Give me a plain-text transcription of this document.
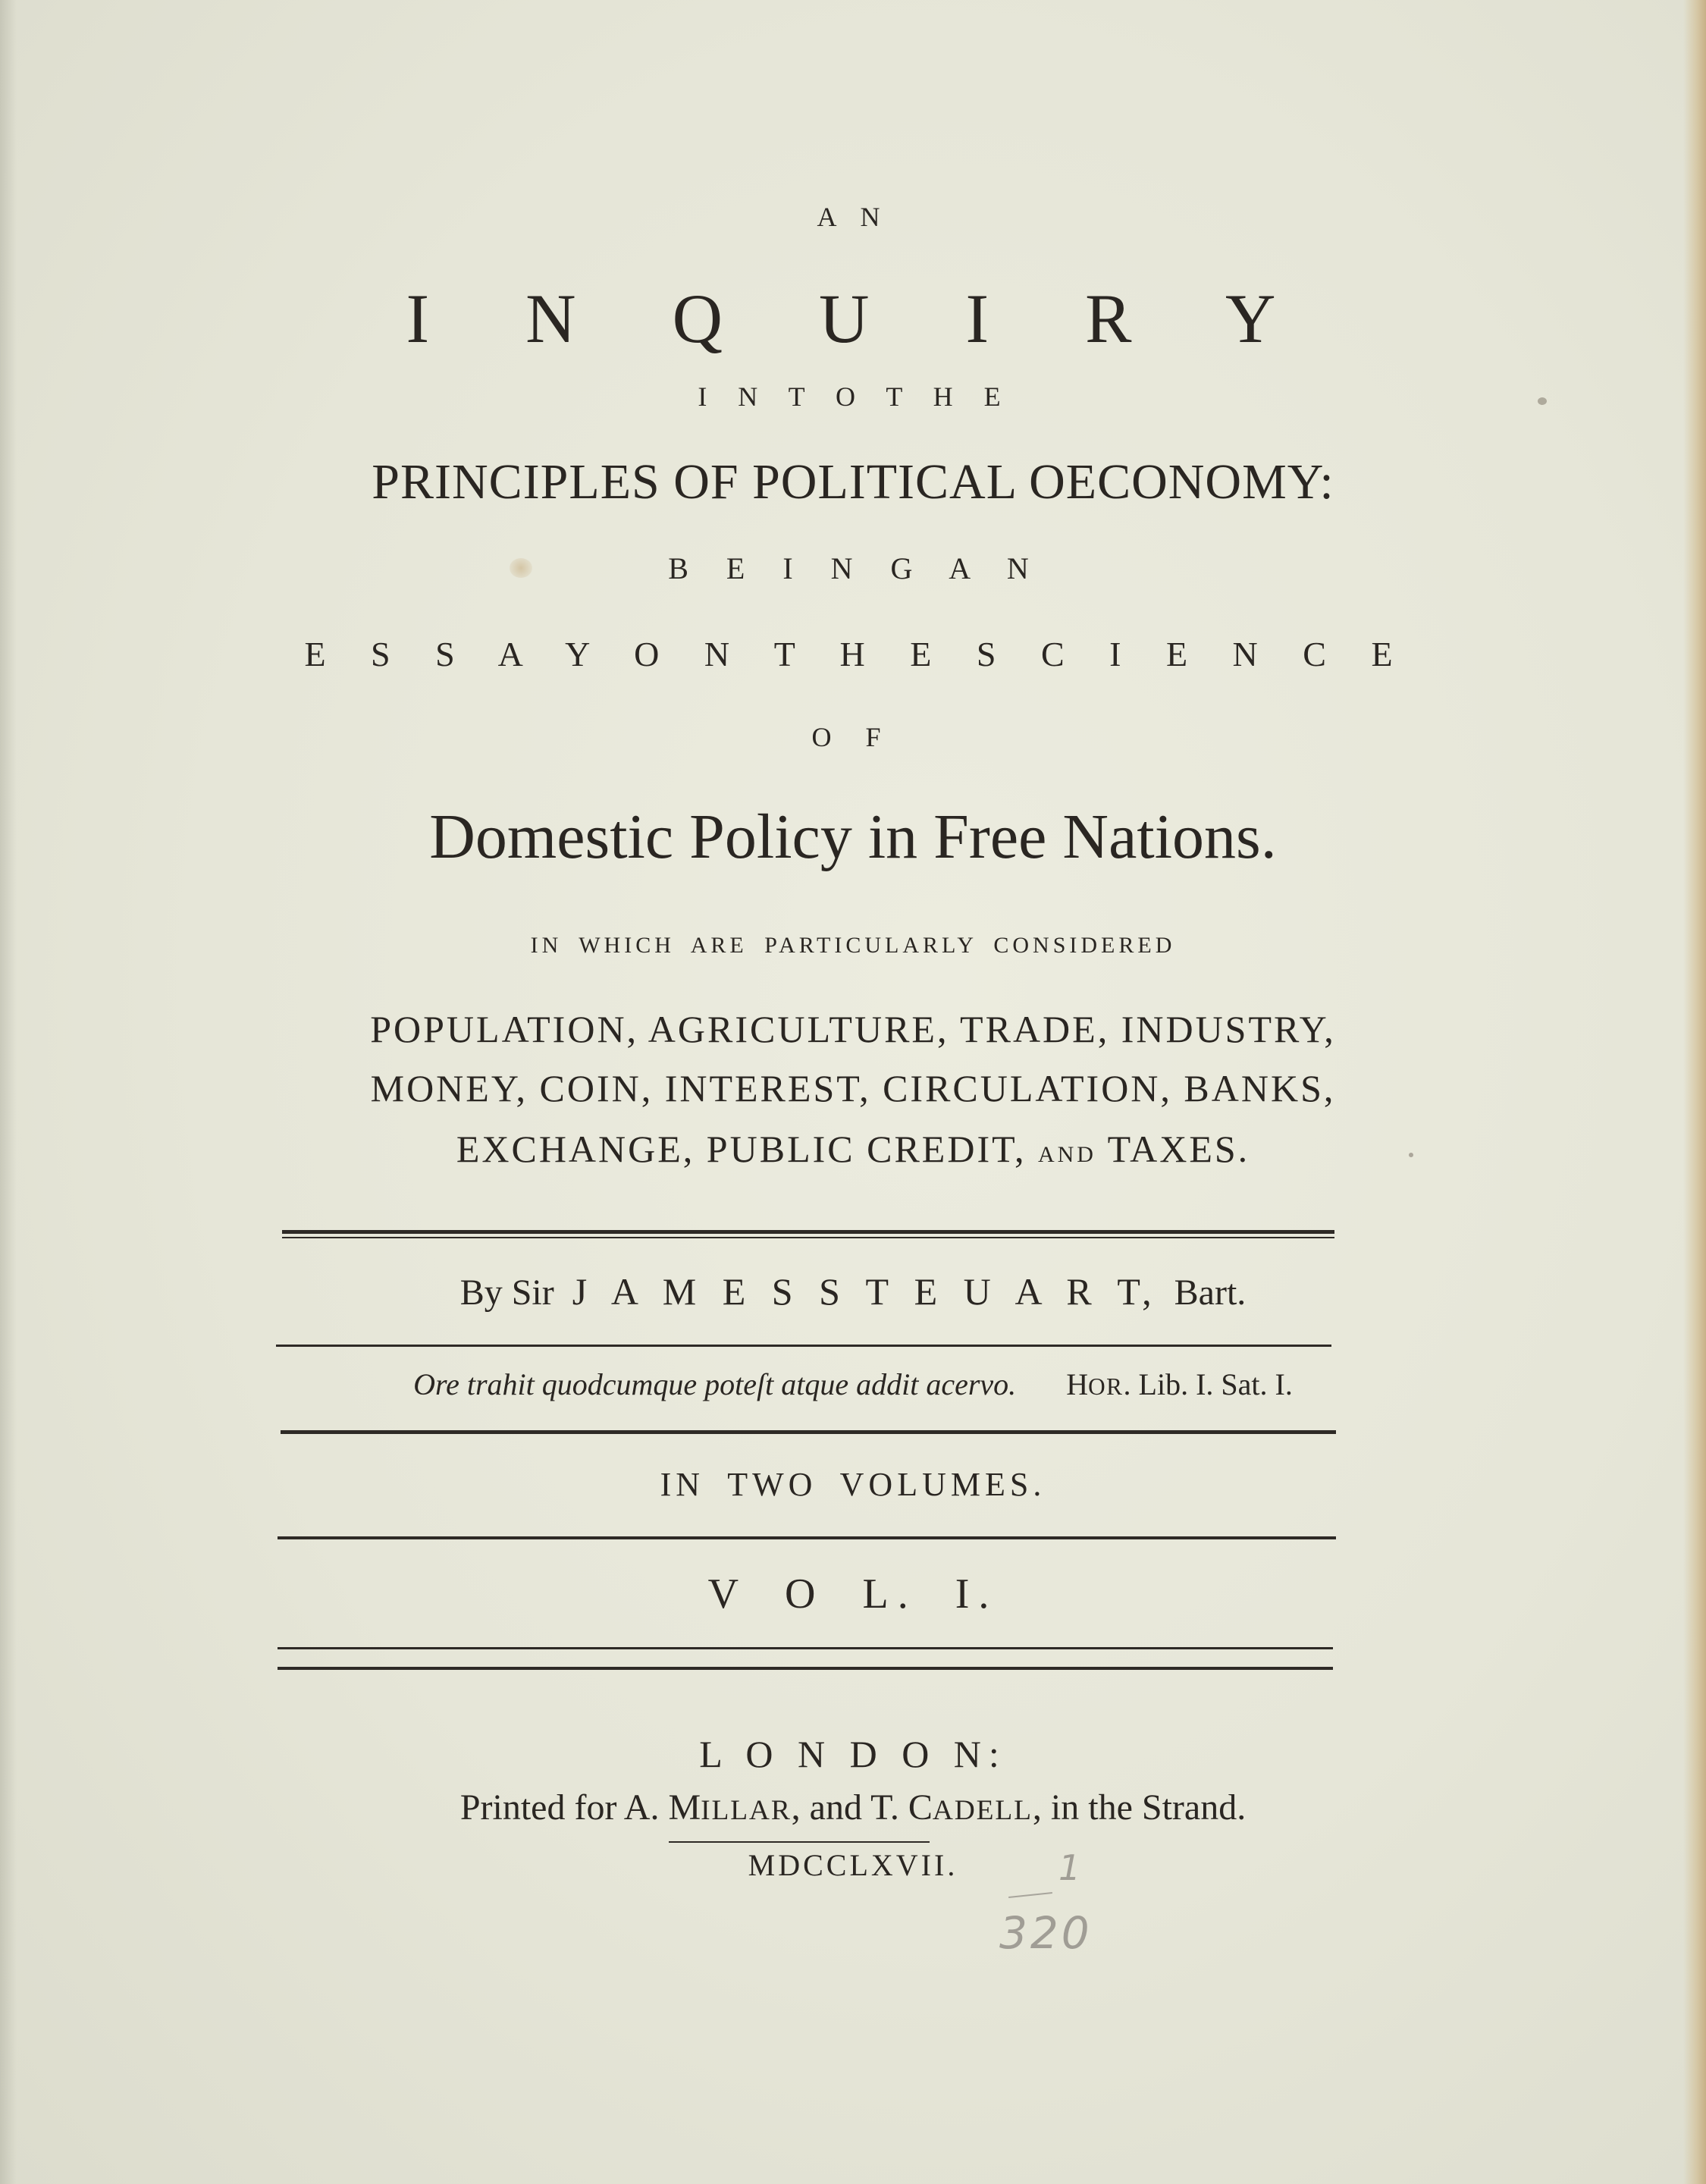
A N
I N Q U I R Y
I N T O T H E
PRINCIPLES OF POLITICAL OECONOMY:
B E I N G A N
E S S A Y O N T H E S C I E N C E
O F
Domestic Policy in Free Nations.
IN WHICH ARE PARTICULARLY CONSIDERED
POPULATION, AGRICULTURE, TRADE, INDUSTRY,
MONEY, COIN, INTEREST, CIRCULATION, BANKS,
EXCHANGE, PUBLIC CREDIT, AND TAXES.
By Sir J A M E S S T E U A R T, Bart.
Ore trahit quodcumque poteſt atque addit acervo. HOR. Lib. I. Sat. I.
IN TWO VOLUMES.
V O L. I.
L O N D O N:
Printed for A. MILLAR, and T. CADELL, in the Strand.
MDCCLXVII.	1
320
